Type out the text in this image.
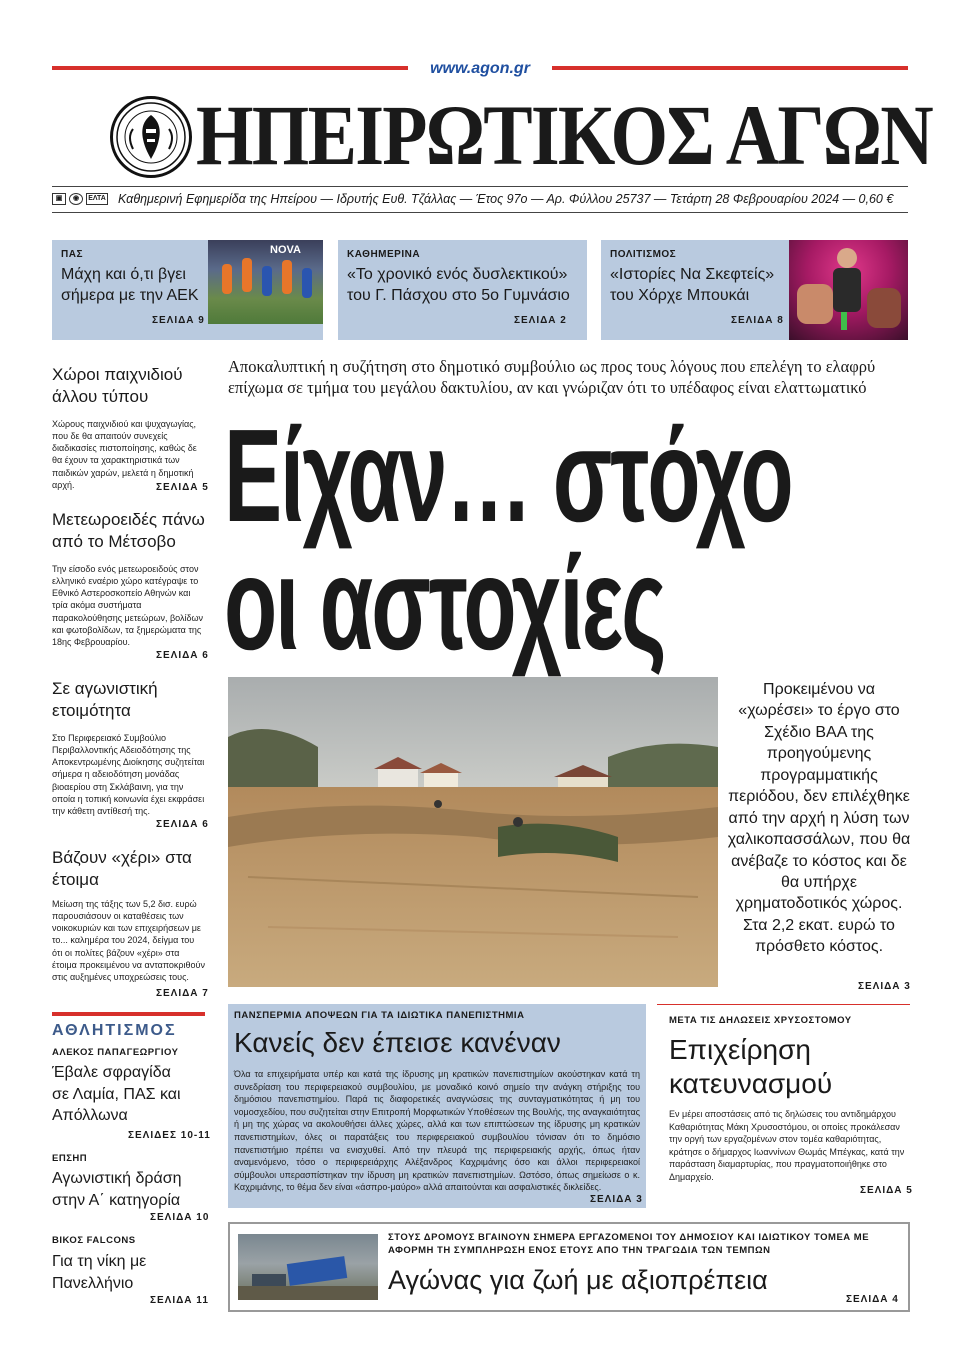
www.agon.gr
ΗΠΕΙΡΩΤΙΚΟΣ ΑΓΩΝ
▣	◉	ΕΛΤΑ Καθημερινή Εφημερίδα της Ηπείρου — Ιδρυτής Ευθ. Τζάλλας — Έτος 97ο — Αρ. Φύλλου 25737 — Τετάρτη 28 Φεβρουαρίου 2024 — 0,60 €
ΠΑΣ
Μάχη και ό,τι βγει σήμερα με την ΑΕΚ
ΣΕΛΙΔΑ 9
NOVA	ΚΑΘΗΜΕΡΙΝΑ
«Το χρονικό ενός δυσλεκτικού» του Γ. Πάσχου στο 5ο Γυμνάσιο
ΣΕΛΙΔΑ 2
ΠΟΛΙΤΙΣΜΟΣ
«Ιστορίες Να Σκεφτείς» του Χόρχε Μπουκάι
ΣΕΛΙΔΑ 8
Χώροι παιχνιδιού άλλου τύπου
Χώρους παιχνιδιού και ψυχαγωγίας, που δε θα απαιτούν συνεχείς διαδικασίες πιστοποίησης, καθώς δε θα έχουν τα χαρακτηριστικά των παιδικών χαρών, μελετά η δημοτική αρχή.	ΣΕΛΙΔΑ 5
Μετεωροειδές πάνω από το Μέτσοβο
Την είσοδο ενός μετεωροειδούς στον ελληνικό εναέριο χώρο κατέγραψε το Εθνικό Αστεροσκοπείο Αθηνών και τρία ακόμα συστήματα παρακολούθησης μετεώρων, βολίδων και φωτοβολίδων, τα ξημερώματα της 18ης Φεβρουαρίου.
ΣΕΛΙΔΑ 6
Σε αγωνιστική ετοιμότητα
Στο Περιφερειακό Συμβούλιο Περιβαλλοντικής Αδειοδότησης της Αποκεντρωμένης Διοίκησης συζητείται σήμερα η αδειοδότηση μονάδας βιοαερίου στη Σκλάβαινη, για την οποία η τοπική κοινωνία έχει εκφράσει την κάθετη αντίθεσή της.
ΣΕΛΙΔΑ 6
Βάζουν «χέρι» στα έτοιμα
Μείωση της τάξης των 5,2 δισ. ευρώ παρουσιάσουν οι καταθέσεις των νοικοκυριών και των επιχειρήσεων με το... καλημέρα του 2024, δείγμα του ότι οι πολίτες βάζουν «χέρι» στα έτοιμα προκειμένου να ανταποκριθούν στις αυξημένες υποχρεώσεις τους.
ΣΕΛΙΔΑ 7
Αποκαλυπτική η συζήτηση στο δημοτικό συμβούλιο ως προς τους λόγους που επελέγη το ελαφρύ επίχωμα σε τμήμα του μεγάλου δακτυλίου, αν και γνώριζαν ότι το υπέδαφος είναι ελαττωματικό
Είχαν… στόχο
οι αστοχίες
Προκειμένου να «χωρέσει» το έργο στο Σχέδιο ΒΑΑ της προηγούμενης προγραμματικής περιόδου, δεν επιλέχθηκε από την αρχή η λύση των χαλικοπασσάλων, που θα ανέβαζε το κόστος και δε θα υπήρχε χρηματοδοτικός χώρος. Στα 2,2 εκατ. ευρώ το πρόσθετο κόστος.
ΣΕΛΙΔΑ 3
ΠΑΝΣΠΕΡΜΙΑ ΑΠΟΨΕΩΝ ΓΙΑ ΤΑ ΙΔΙΩΤΙΚΑ ΠΑΝΕΠΙΣΤΗΜΙΑ
Κανείς δεν έπεισε κανέναν
Όλα τα επιχειρήματα υπέρ και κατά της ίδρυσης μη κρατικών πανεπιστημίων ακούστηκαν κατά τη συνεδρίαση του περιφερειακού συμβουλίου, με μοναδικό κοινό σημείο την ανάγκη στήριξης του δημόσιου πανεπιστημίου. Παρά τις διαφορετικές αναγνώσεις της συνταγματικότητας ή μη του νομοσχεδίου, που συζητείται στην Επιτροπή Μορφωτικών Υποθέσεων της Βουλής, της αναγκαιότητας ή μη της χώρας να ακολουθήσει άλλες χώρες, αλλά και των επιπτώσεων της ίδρυσης μη κρατικών πανεπιστημίων, όλες οι παρατάξεις του περιφερειακού συμβουλίου τόνισαν ότι το δημόσιο πανεπιστήμιο πρέπει να ενισχυθεί. Από την πλευρά της περιφερειακής αρχής, όπως ήταν αναμενόμενο, τόσο ο περιφερειάρχης Αλέξανδρος Καχριμάνης όσο και άλλοι περιφερειακοί σύμβουλοι υπερασπίστηκαν την ίδρυση μη κρατικών πανεπιστημίων. Ωστόσο, όπως σημείωσε ο κ. Καχριμάνης, το θέμα δεν είναι «άσπρο-μαύρο» αλλά απαιτούνται και ασφαλιστικές δικλείδες.
ΣΕΛΙΔΑ 3
ΜΕΤΑ ΤΙΣ ΔΗΛΩΣΕΙΣ ΧΡΥΣΟΣΤΟΜΟΥ
Επιχείρηση κατευνασμού
Εν μέρει αποστάσεις από τις δηλώσεις του αντιδημάρχου Καθαριότητας Μάκη Χρυσοστόμου, οι οποίες προκάλεσαν την οργή των εργαζομένων στον τομέα καθαριότητας, κράτησε ο δήμαρχος Ιωαννίνων Θωμάς Μπέγκας, κατά την παράσταση διαμαρτυρίας, που πραγματοποιήθηκε στο Δημαρχείο.
ΣΕΛΙΔΑ 5
ΑΘΛΗΤΙΣΜΟΣ
ΑΛΕΚΟΣ ΠΑΠΑΓΕΩΡΓΙΟΥ
Έβαλε σφραγίδα σε Λαμία, ΠΑΣ και Απόλλωνα
ΣΕΛΙΔΕΣ 10-11
ΕΠΣΗΠ
Αγωνιστική δράση στην Α΄ κατηγορία
ΣΕΛΙΔΑ 10
ΒΙΚΟΣ FALCONS
Για τη νίκη με Πανελλήνιο
ΣΕΛΙΔΑ 11
ΣΤΟΥΣ ΔΡΟΜΟΥΣ ΒΓΑΙΝΟΥΝ ΣΗΜΕΡΑ ΕΡΓΑΖΟΜΕΝΟΙ ΤΟΥ ΔΗΜΟΣΙΟΥ ΚΑΙ ΙΔΙΩΤΙΚΟΥ ΤΟΜΕΑ ΜΕ ΑΦΟΡΜΗ ΤΗ ΣΥΜΠΛΗΡΩΣΗ ΕΝΟΣ ΕΤΟΥΣ ΑΠΟ ΤΗΝ ΤΡΑΓΩΔΙΑ ΤΩΝ ΤΕΜΠΩΝ
Αγώνας για ζωή με αξιοπρέπεια
ΣΕΛΙΔΑ 4
